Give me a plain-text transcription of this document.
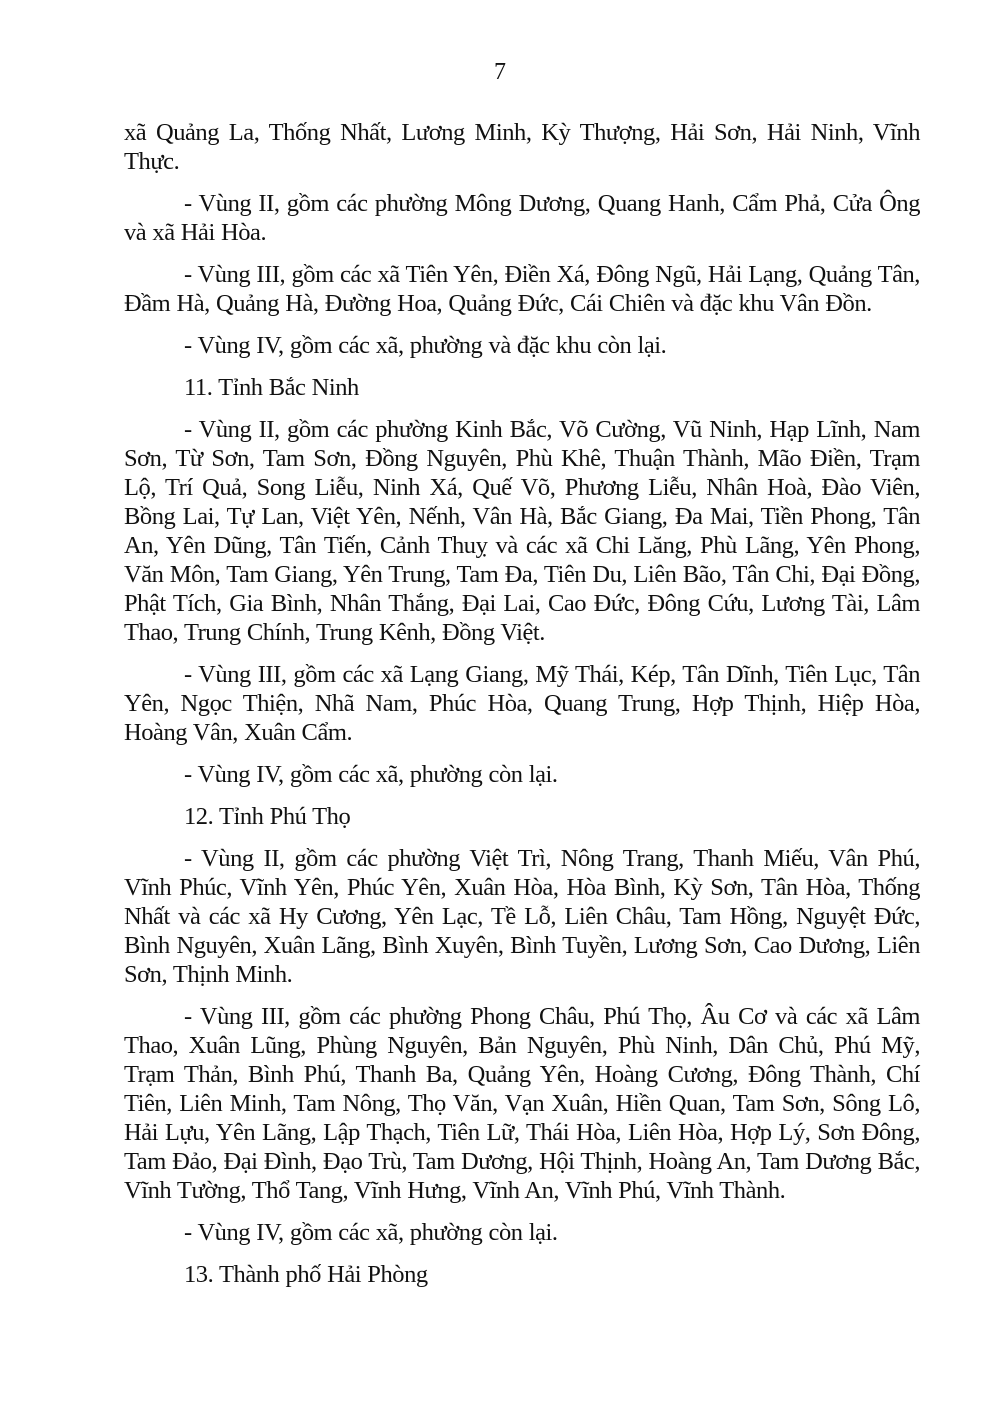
7

xã Quảng La, Thống Nhất, Lương Minh, Kỳ Thượng, Hải Sơn, Hải Ninh, Vĩnh Thực.

- Vùng II, gồm các phường Mông Dương, Quang Hanh, Cẩm Phả, Cửa Ông và xã Hải Hòa.

- Vùng III, gồm các xã Tiên Yên, Điền Xá, Đông Ngũ, Hải Lạng, Quảng Tân, Đầm Hà, Quảng Hà, Đường Hoa, Quảng Đức, Cái Chiên và đặc khu Vân Đồn.

- Vùng IV, gồm các xã, phường và đặc khu còn lại.

11. Tỉnh Bắc Ninh

- Vùng II, gồm các phường Kinh Bắc, Võ Cường, Vũ Ninh, Hạp Lĩnh, Nam Sơn, Từ Sơn, Tam Sơn, Đồng Nguyên, Phù Khê, Thuận Thành, Mão Điền, Trạm Lộ, Trí Quả, Song Liễu, Ninh Xá, Quế Võ, Phương Liễu, Nhân Hoà, Đào Viên, Bồng Lai, Tự Lan, Việt Yên, Nếnh, Vân Hà, Bắc Giang, Đa Mai, Tiền Phong, Tân An, Yên Dũng, Tân Tiến, Cảnh Thuỵ và các xã Chi Lăng, Phù Lãng, Yên Phong, Văn Môn, Tam Giang, Yên Trung, Tam Đa, Tiên Du, Liên Bão, Tân Chi, Đại Đồng, Phật Tích, Gia Bình, Nhân Thắng, Đại Lai, Cao Đức, Đông Cứu, Lương Tài, Lâm Thao, Trung Chính, Trung Kênh, Đồng Việt.

- Vùng III, gồm các xã Lạng Giang, Mỹ Thái, Kép, Tân Dĩnh, Tiên Lục, Tân Yên, Ngọc Thiện, Nhã Nam, Phúc Hòa, Quang Trung, Hợp Thịnh, Hiệp Hòa, Hoàng Vân, Xuân Cẩm.

- Vùng IV, gồm các xã, phường còn lại.

12. Tỉnh Phú Thọ

- Vùng II, gồm các phường Việt Trì, Nông Trang, Thanh Miếu, Vân Phú, Vĩnh Phúc, Vĩnh Yên, Phúc Yên, Xuân Hòa, Hòa Bình, Kỳ Sơn, Tân Hòa, Thống Nhất và các xã Hy Cương, Yên Lạc, Tề Lỗ, Liên Châu, Tam Hồng, Nguyệt Đức, Bình Nguyên, Xuân Lãng, Bình Xuyên, Bình Tuyền, Lương Sơn, Cao Dương, Liên Sơn, Thịnh Minh.

- Vùng III, gồm các phường Phong Châu, Phú Thọ, Âu Cơ và các xã Lâm Thao, Xuân Lũng, Phùng Nguyên, Bản Nguyên, Phù Ninh, Dân Chủ, Phú Mỹ, Trạm Thản, Bình Phú, Thanh Ba, Quảng Yên, Hoàng Cương, Đông Thành, Chí Tiên, Liên Minh, Tam Nông, Thọ Văn, Vạn Xuân, Hiền Quan, Tam Sơn, Sông Lô, Hải Lựu, Yên Lãng, Lập Thạch, Tiên Lữ, Thái Hòa, Liên Hòa, Hợp Lý, Sơn Đông, Tam Đảo, Đại Đình, Đạo Trù, Tam Dương, Hội Thịnh, Hoàng An, Tam Dương Bắc, Vĩnh Tường, Thổ Tang, Vĩnh Hưng, Vĩnh An, Vĩnh Phú, Vĩnh Thành.

- Vùng IV, gồm các xã, phường còn lại.

13. Thành phố Hải Phòng
